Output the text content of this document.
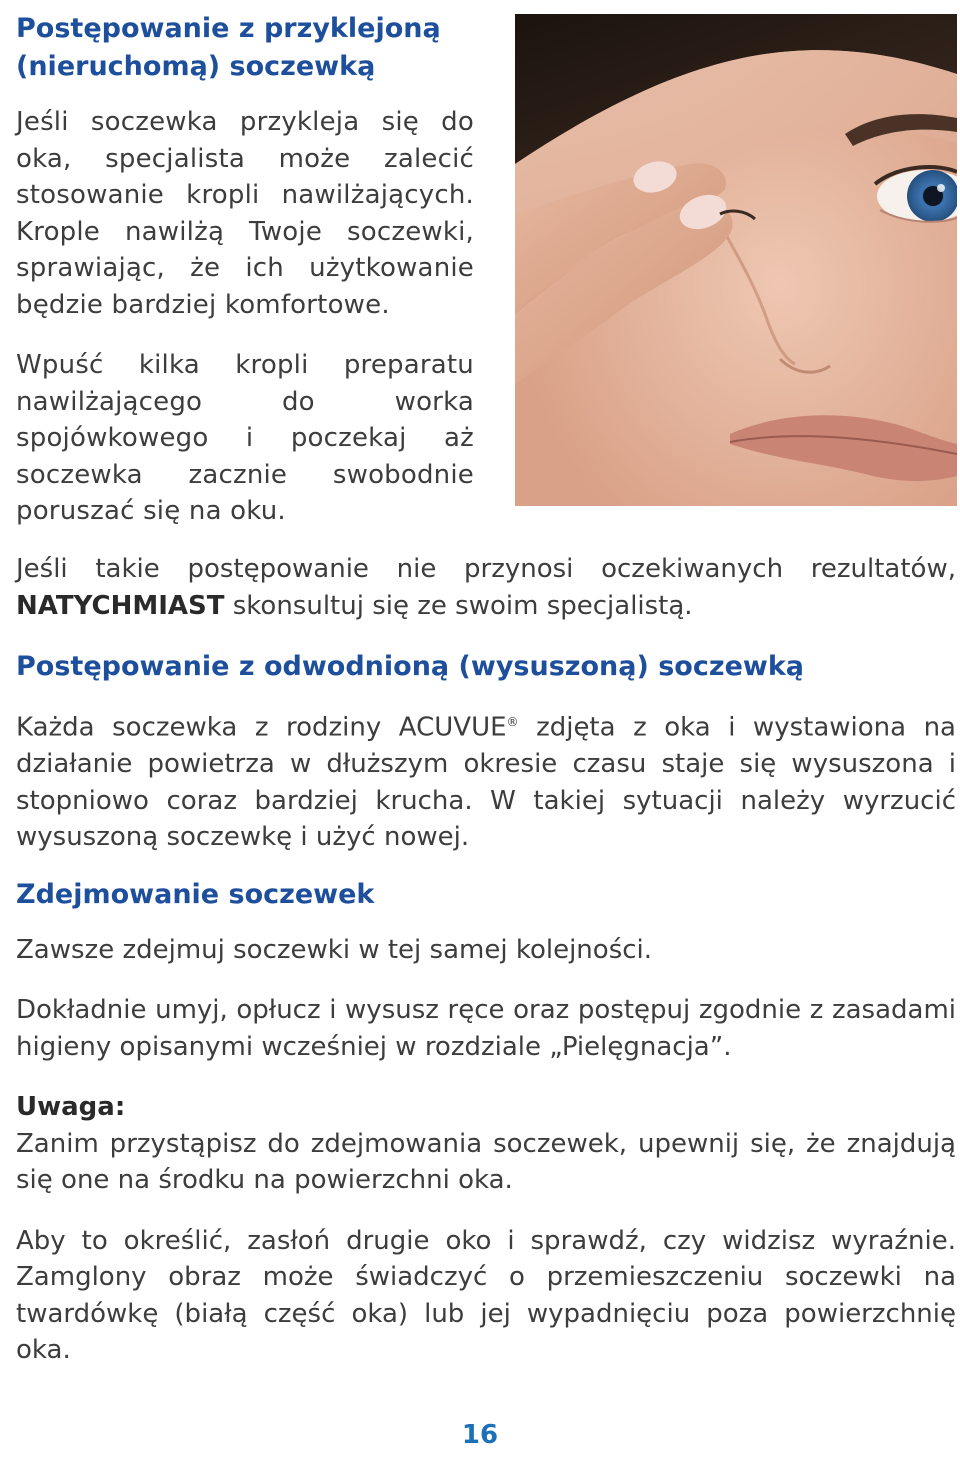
Postępowanie z przyklejoną
(nieruchomą) soczewką

Jeśli soczewka przykleja się do oka, specjalista może zalecić stosowanie kropli nawilżających. Krople nawilżą Twoje soczewki, sprawiając, że ich użytkowanie będzie bardziej komfortowe.

Wpuść kilka kropli preparatu nawilżającego do worka spojówkowego i poczekaj aż soczewka zacznie swobodnie poruszać się na oku.

Jeśli takie postępowanie nie przynosi oczekiwanych rezultatów, NATYCHMIAST skonsultuj się ze swoim specjalistą.

Postępowanie z odwodnioną (wysuszoną) soczewką

Każda soczewka z rodziny ACUVUE® zdjęta z oka i wystawiona na działanie powietrza w dłuższym okresie czasu staje się wysuszona i stopniowo coraz bardziej krucha. W takiej sytuacji należy wyrzucić wysuszoną soczewkę i użyć nowej.

Zdejmowanie soczewek

Zawsze zdejmuj soczewki w tej samej kolejności.

Dokładnie umyj, opłucz i wysusz ręce oraz postępuj zgodnie z zasadami higieny opisanymi wcześniej w rozdziale „Pielęgnacja”.

Uwaga:

Zanim przystąpisz do zdejmowania soczewek, upewnij się, że znajdują się one na środku na powierzchni oka.

Aby to określić, zasłoń drugie oko i sprawdź, czy widzisz wyraźnie. Zamglony obraz może świadczyć o przemieszczeniu soczewki na twardówkę (białą część oka) lub jej wypadnięciu poza powierzchnię oka.

16
